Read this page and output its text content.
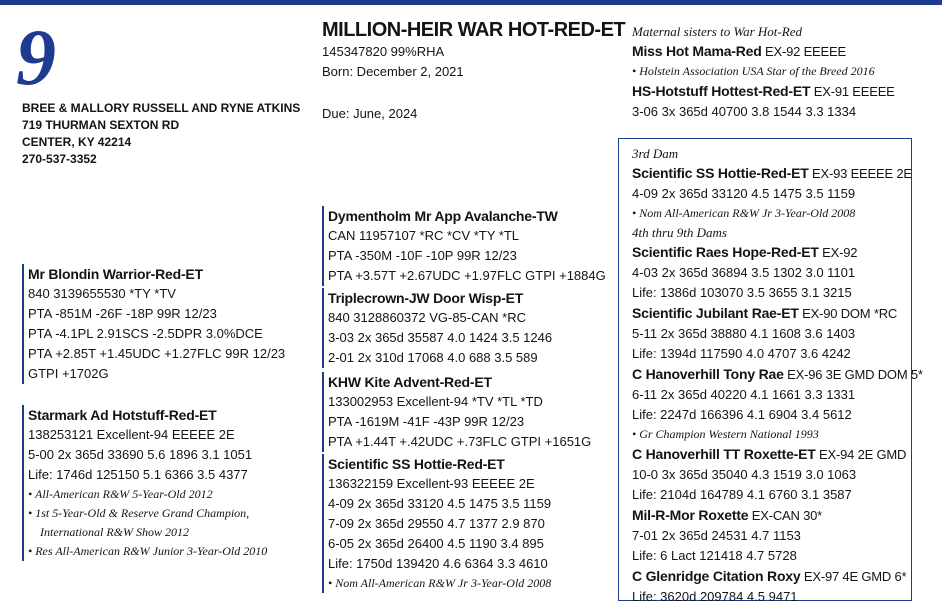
9
BREE & MALLORY RUSSELL AND RYNE ATKINS
719 THURMAN SEXTON RD
CENTER, KY 42214
270-537-3352
MILLION-HEIR WAR HOT-RED-ET
145347820 99%RHA
Born: December 2, 2021
Due: June, 2024
Mr Blondin Warrior-Red-ET
840 3139655530 *TY *TV
PTA -851M -26F -18P 99R 12/23
PTA -4.1PL 2.91SCS -2.5DPR 3.0%DCE
PTA +2.85T +1.45UDC +1.27FLC 99R 12/23
GTPI +1702G
Starmark Ad Hotstuff-Red-ET
138253121 Excellent-94 EEEEE 2E
5-00 2x 365d 33690 5.6 1896 3.1 1051
Life: 1746d 125150 5.1 6366 3.5 4377
• All-American R&W 5-Year-Old 2012
• 1st 5-Year-Old & Reserve Grand Champion,
International R&W Show 2012
• Res All-American R&W Junior 3-Year-Old 2010
Dymentholm Mr App Avalanche-TW
CAN 11957107 *RC *CV *TY *TL
PTA -350M -10F -10P 99R 12/23
PTA +3.57T +2.67UDC +1.97FLC GTPI +1884G
Triplecrown-JW Door Wisp-ET
840 3128860372 VG-85-CAN *RC
3-03 2x 365d 35587 4.0 1424 3.5 1246
2-01 2x 310d 17068 4.0 688 3.5 589
KHW Kite Advent-Red-ET
133002953 Excellent-94 *TV *TL *TD
PTA -1619M -41F -43P 99R 12/23
PTA +1.44T +.42UDC +.73FLC GTPI +1651G
Scientific SS Hottie-Red-ET
136322159 Excellent-93 EEEEE 2E
4-09 2x 365d 33120 4.5 1475 3.5 1159
7-09 2x 365d 29550 4.7 1377 2.9 870
6-05 2x 365d 26400 4.5 1190 3.4 895
Life: 1750d 139420 4.6 6364 3.3 4610
• Nom All-American R&W Jr 3-Year-Old 2008
Maternal sisters to War Hot-Red
Miss Hot Mama-Red EX-92 EEEEE
• Holstein Association USA Star of the Breed 2016
HS-Hotstuff Hottest-Red-ET EX-91 EEEEE
3-06 3x 365d 40700 3.8 1544 3.3 1334
3rd Dam
Scientific SS Hottie-Red-ET EX-93 EEEEE 2E
4-09 2x 365d 33120 4.5 1475 3.5 1159
• Nom All-American R&W Jr 3-Year-Old 2008
4th thru 9th Dams
Scientific Raes Hope-Red-ET EX-92
4-03 2x 365d 36894 3.5 1302 3.0 1101
Life: 1386d 103070 3.5 3655 3.1 3215
Scientific Jubilant Rae-ET EX-90 DOM *RC
5-11 2x 365d 38880 4.1 1608 3.6 1403
Life: 1394d 117590 4.0 4707 3.6 4242
C Hanoverhill Tony Rae EX-96 3E GMD DOM 5*
6-11 2x 365d 40220 4.1 1661 3.3 1331
Life: 2247d 166396 4.1 6904 3.4 5612
• Gr Champion Western National 1993
C Hanoverhill TT Roxette-ET EX-94 2E GMD
10-0 3x 365d 35040 4.3 1519 3.0 1063
Life: 2104d 164789 4.1 6760 3.1 3587
Mil-R-Mor Roxette EX-CAN 30*
7-01 2x 365d 24531 4.7 1153
Life: 6 Lact 121418 4.7 5728
C Glenridge Citation Roxy EX-97 4E GMD 6*
Life: 3620d 209784 4.5 9471
